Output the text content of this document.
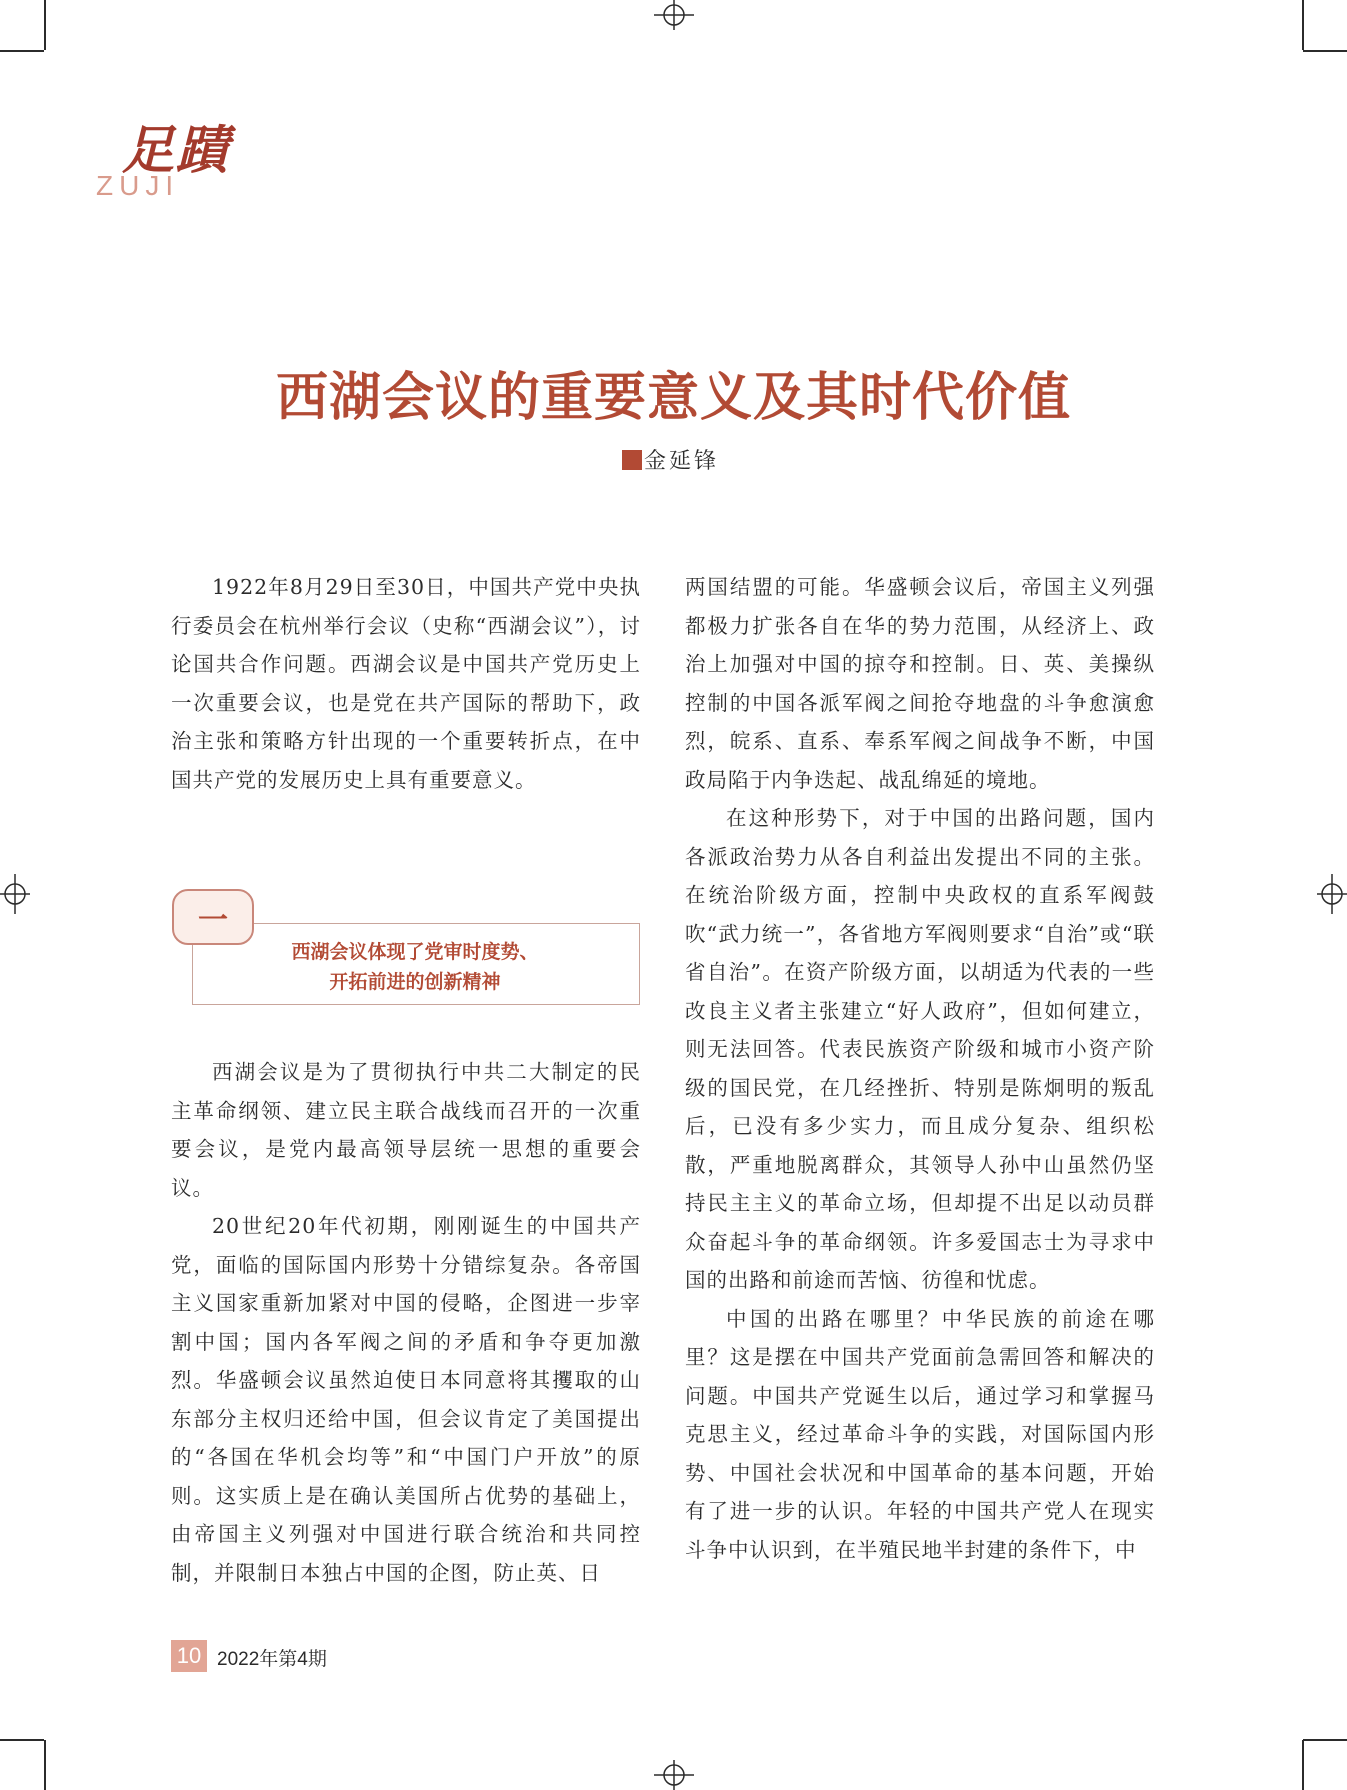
足蹟
ZUJI
西湖会议的重要意义及其时代价值
金延锋

1922年8月29日至30日，中国共产党中央执行委员会在杭州举行会议（史称“西湖会议”），讨论国共合作问题。西湖会议是中国共产党历史上一次重要会议，也是党在共产国际的帮助下，政治主张和策略方针出现的一个重要转折点，在中国共产党的发展历史上具有重要意义。

一
西湖会议体现了党审时度势、
开拓前进的创新精神

西湖会议是为了贯彻执行中共二大制定的民主革命纲领、建立民主联合战线而召开的一次重要会议，是党内最高领导层统一思想的重要会议。

20世纪20年代初期，刚刚诞生的中国共产党，面临的国际国内形势十分错综复杂。各帝国主义国家重新加紧对中国的侵略，企图进一步宰割中国；国内各军阀之间的矛盾和争夺更加激烈。华盛顿会议虽然迫使日本同意将其攫取的山东部分主权归还给中国，但会议肯定了美国提出的“各国在华机会均等”和“中国门户开放”的原则。这实质上是在确认美国所占优势的基础上，由帝国主义列强对中国进行联合统治和共同控制，并限制日本独占中国的企图，防止英、日

两国结盟的可能。华盛顿会议后，帝国主义列强都极力扩张各自在华的势力范围，从经济上、政治上加强对中国的掠夺和控制。日、英、美操纵控制的中国各派军阀之间抢夺地盘的斗争愈演愈烈，皖系、直系、奉系军阀之间战争不断，中国政局陷于内争迭起、战乱绵延的境地。

在这种形势下，对于中国的出路问题，国内各派政治势力从各自利益出发提出不同的主张。在统治阶级方面，控制中央政权的直系军阀鼓吹“武力统一”，各省地方军阀则要求“自治”或“联省自治”。在资产阶级方面，以胡适为代表的一些改良主义者主张建立“好人政府”，但如何建立，则无法回答。代表民族资产阶级和城市小资产阶级的国民党，在几经挫折、特别是陈炯明的叛乱后，已没有多少实力，而且成分复杂、组织松散，严重地脱离群众，其领导人孙中山虽然仍坚持民主主义的革命立场，但却提不出足以动员群众奋起斗争的革命纲领。许多爱国志士为寻求中国的出路和前途而苦恼、彷徨和忧虑。

中国的出路在哪里？中华民族的前途在哪里？这是摆在中国共产党面前急需回答和解决的问题。中国共产党诞生以后，通过学习和掌握马克思主义，经过革命斗争的实践，对国际国内形势、中国社会状况和中国革命的基本问题，开始有了进一步的认识。年轻的中国共产党人在现实斗争中认识到，在半殖民地半封建的条件下，中

10 2022年第4期
